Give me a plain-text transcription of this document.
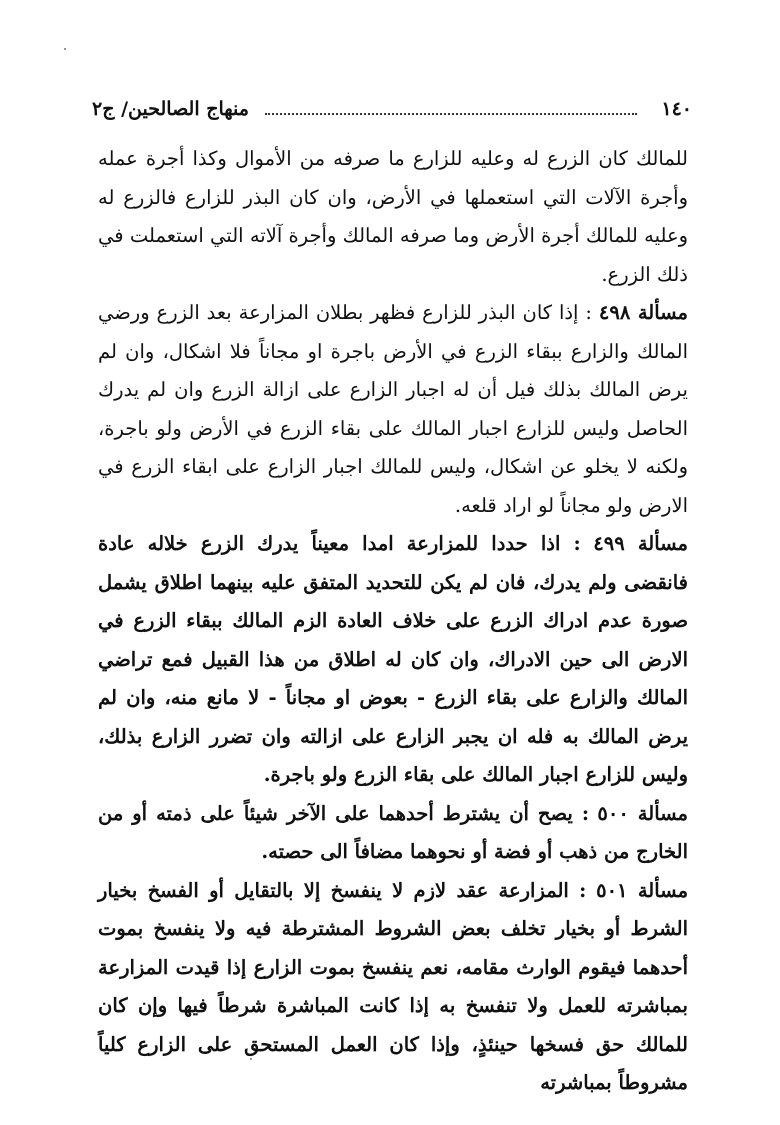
١٤٠
منهاج الصالحين/ ج٢

للمالك كان الزرع له وعليه للزارع ما صرفه من الأموال وكذا أجرة عمله وأجرة الآلات التي استعملها في الأرض، وان كان البذر للزارع فالزرع له وعليه للمالك أجرة الأرض وما صرفه المالك وأجرة آلاته التي استعملت في ذلك الزرع.

مسألة ٤٩٨ : إذا كان البذر للزارع فظهر بطلان المزارعة بعد الزرع ورضي المالك والزارع ببقاء الزرع في الأرض باجرة او مجاناً فلا اشكال، وان لم يرض المالك بذلك فيل أن له اجبار الزارع على ازالة الزرع وان لم يدرك الحاصل وليس للزارع اجبار المالك على بقاء الزرع في الأرض ولو باجرة، ولكنه لا يخلو عن اشكال، وليس للمالك اجبار الزارع على ابقاء الزرع في الارض ولو مجاناً لو اراد قلعه.

مسألة ٤٩٩ : اذا حددا للمزارعة امدا معيناً يدرك الزرع خلاله عادة فانقضى ولم يدرك، فان لم يكن للتحديد المتفق عليه بينهما اطلاق يشمل صورة عدم ادراك الزرع على خلاف العادة الزم المالك ببقاء الزرع في الارض الى حين الادراك، وان كان له اطلاق من هذا القبيل فمع تراضي المالك والزارع على بقاء الزرع - بعوض او مجاناً - لا مانع منه، وان لم يرض المالك به فله ان يجبر الزارع على ازالته وان تضرر الزارع بذلك، وليس للزارع اجبار المالك على بقاء الزرع ولو باجرة.

مسألة ٥٠٠ : يصح أن يشترط أحدهما على الآخر شيئاً على ذمته أو من الخارج من ذهب أو فضة أو نحوهما مضافاً الى حصته.

مسألة ٥٠١ : المزارعة عقد لازم لا ينفسخ إلا بالتقايل أو الفسخ بخيار الشرط أو بخيار تخلف بعض الشروط المشترطة فيه ولا ينفسخ بموت أحدهما فيقوم الوارث مقامه، نعم ينفسخ بموت الزارع إذا قيدت المزارعة بمباشرته للعمل ولا تنفسخ به إذا كانت المباشرة شرطاً فيها وإن كان للمالك حق فسخها حينئذٍ، وإذا كان العمل المستحق على الزارع كلياً مشروطاً بمباشرته
